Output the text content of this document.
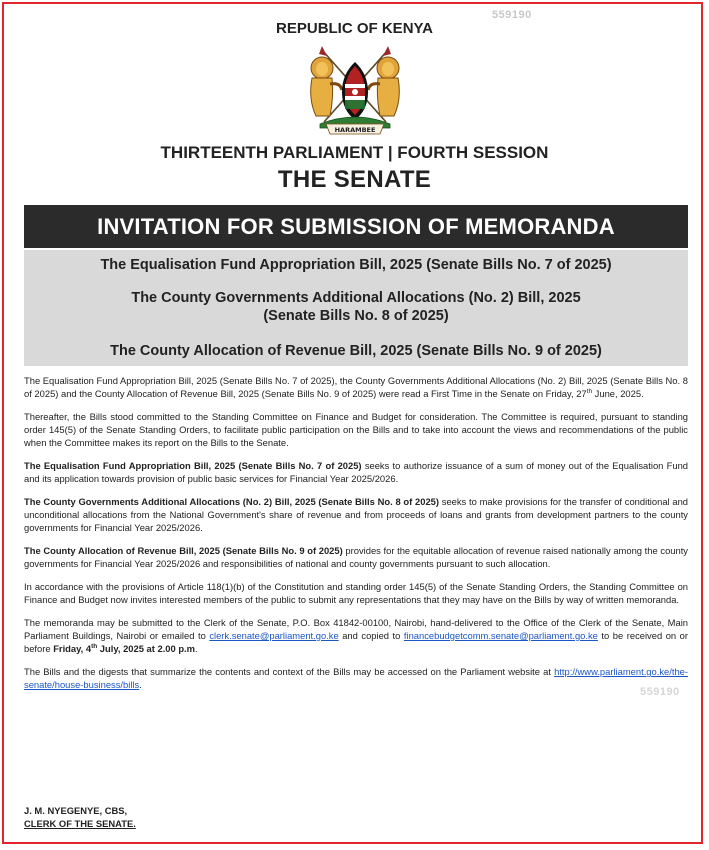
559190
REPUBLIC OF KENYA
HARAMBEE
THIRTEENTH PARLIAMENT | FOURTH SESSION
THE SENATE
INVITATION FOR SUBMISSION OF MEMORANDA
The Equalisation Fund Appropriation Bill, 2025 (Senate Bills No. 7 of 2025)
The County Governments Additional Allocations (No. 2) Bill, 2025
(Senate Bills No. 8 of 2025)
The County Allocation of Revenue Bill, 2025 (Senate Bills No. 9 of 2025)

The Equalisation Fund Appropriation Bill, 2025 (Senate Bills No. 7 of 2025), the County Governments Additional Allocations (No. 2) Bill, 2025 (Senate Bills No. 8 of 2025) and the County Allocation of Revenue Bill, 2025 (Senate Bills No. 9 of 2025) were read a First Time in the Senate on Friday, 27th June, 2025.

Thereafter, the Bills stood committed to the Standing Committee on Finance and Budget for consideration. The Committee is required, pursuant to standing order 145(5) of the Senate Standing Orders, to facilitate public participation on the Bills and to take into account the views and recommendations of the public when the Committee makes its report on the Bills to the Senate.

The Equalisation Fund Appropriation Bill, 2025 (Senate Bills No. 7 of 2025) seeks to authorize issuance of a sum of money out of the Equalisation Fund and its application towards provision of public basic services for Financial Year 2025/2026.

The County Governments Additional Allocations (No. 2) Bill, 2025 (Senate Bills No. 8 of 2025) seeks to make provisions for the transfer of conditional and unconditional allocations from the National Government's share of revenue and from proceeds of loans and grants from development partners to the county governments for Financial Year 2025/2026.

The County Allocation of Revenue Bill, 2025 (Senate Bills No. 9 of 2025) provides for the equitable allocation of revenue raised nationally among the county governments for Financial Year 2025/2026 and responsibilities of national and county governments pursuant to such allocation.

In accordance with the provisions of Article 118(1)(b) of the Constitution and standing order 145(5) of the Senate Standing Orders, the Standing Committee on Finance and Budget now invites interested members of the public to submit any representations that they may have on the Bills by way of written memoranda.

The memoranda may be submitted to the Clerk of the Senate, P.O. Box 41842-00100, Nairobi, hand-delivered to the Office of the Clerk of the Senate, Main Parliament Buildings, Nairobi or emailed to clerk.senate@parliament.go.ke and copied to financebudgetcomm.senate@parliament.go.ke to be received on or before Friday, 4th July, 2025 at 2.00 p.m.

The Bills and the digests that summarize the contents and context of the Bills may be accessed on the Parliament website at http://www.parliament.go.ke/the-senate/house-business/bills.

559190
J. M. NYEGENYE, CBS,
CLERK OF THE SENATE.
